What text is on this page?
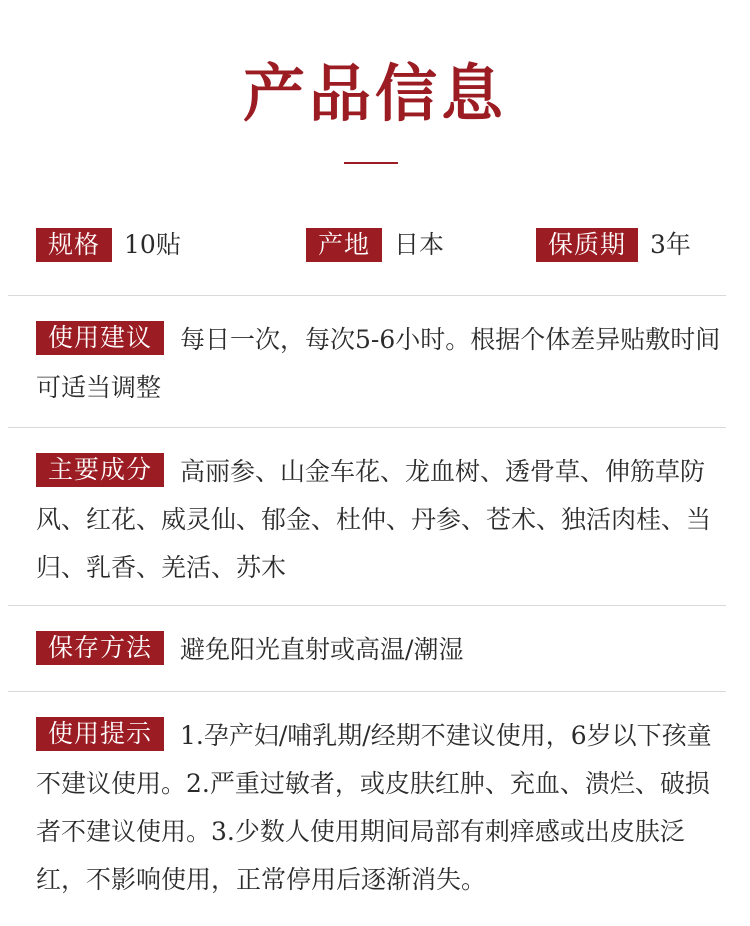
产品信息
规格 10贴	产地 日本	保质期 3年
使用建议 每日一次，每次5-6小时。根据个体差异贴敷时间可适当调整
主要成分 高丽参、山金车花、龙血树、透骨草、伸筋草防风、红花、威灵仙、郁金、杜仲、丹参、苍术、独活肉桂、当归、乳香、羌活、苏木
保存方法 避免阳光直射或高温/潮湿
使用提示 1.孕产妇/哺乳期/经期不建议使用，6岁以下孩童不建议使用。2.严重过敏者，或皮肤红肿、充血、溃烂、破损者不建议使用。3.少数人使用期间局部有刺痒感或出皮肤泛红，不影响使用，正常停用后逐渐消失。
